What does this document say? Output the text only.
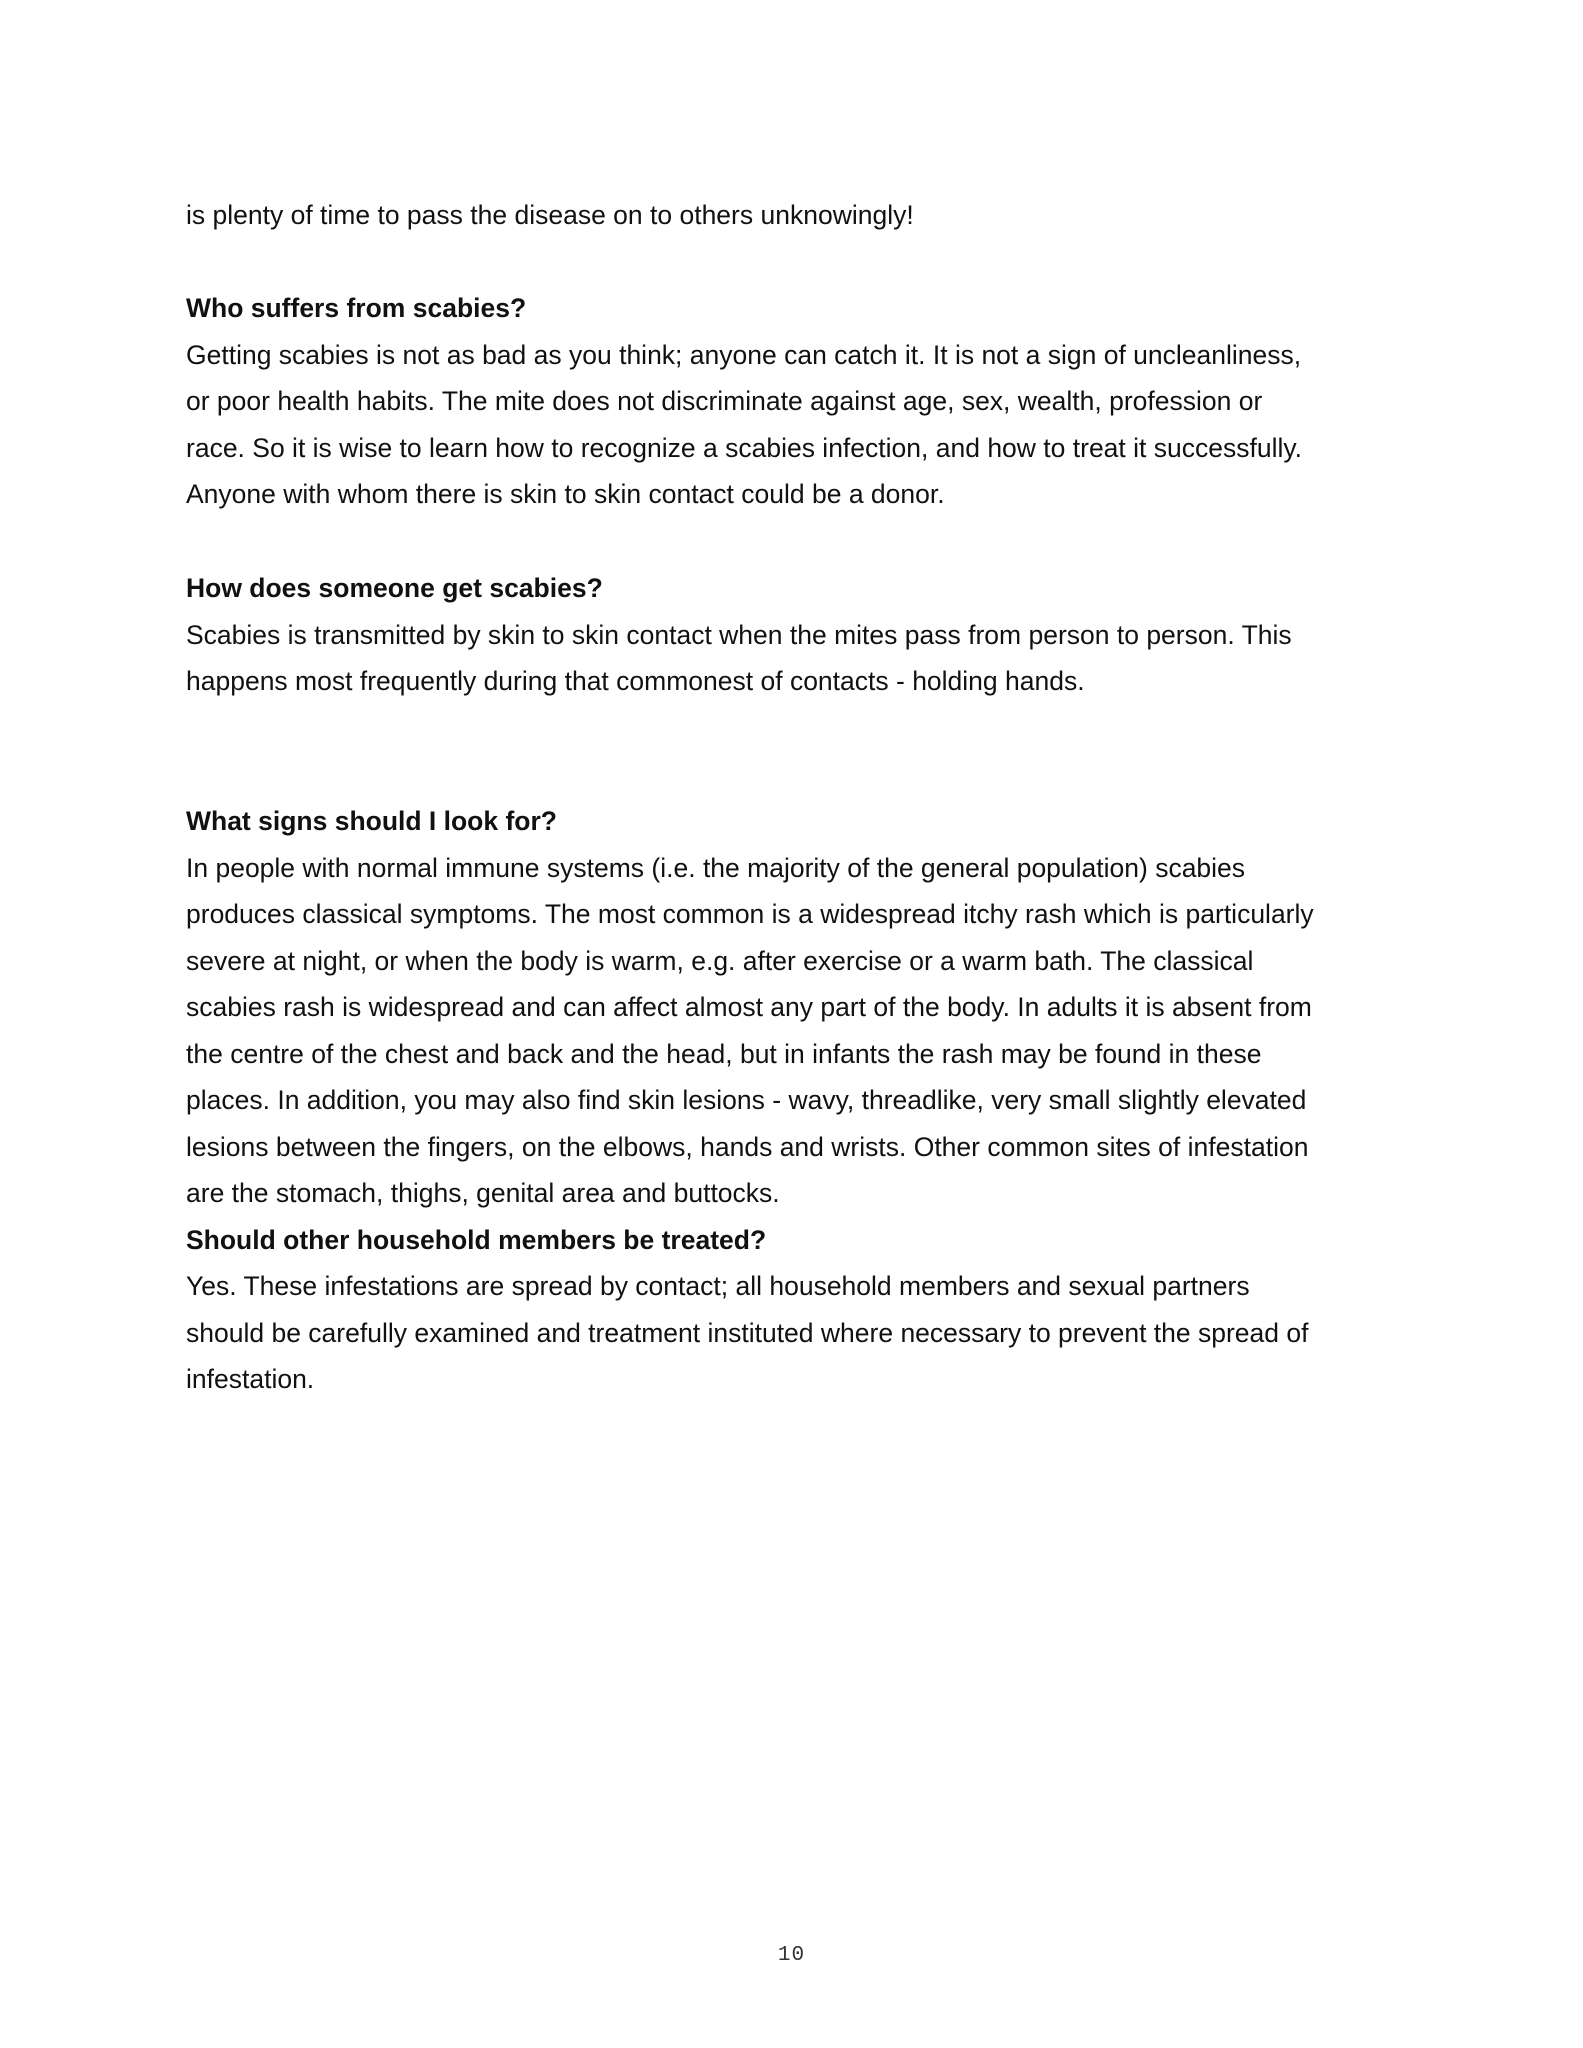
is plenty of time to pass the disease on to others unknowingly!
Who suffers from scabies?
Getting scabies is not as bad as you think; anyone can catch it. It is not a sign of uncleanliness,
or poor health habits. The mite does not discriminate against age, sex, wealth, profession or
race. So it is wise to learn how to recognize a scabies infection, and how to treat it successfully.
Anyone with whom there is skin to skin contact could be a donor.
How does someone get scabies?
Scabies is transmitted by skin to skin contact when the mites pass from person to person. This
happens most frequently during that commonest of contacts - holding hands.
What signs should I look for?
In people with normal immune systems (i.e. the majority of the general population) scabies
produces classical symptoms. The most common is a widespread itchy rash which is particularly
severe at night, or when the body is warm, e.g. after exercise or a warm bath. The classical
scabies rash is widespread and can affect almost any part of the body. In adults it is absent from
the centre of the chest and back and the head, but in infants the rash may be found in these
places. In addition, you may also find skin lesions - wavy, threadlike, very small slightly elevated
lesions between the fingers, on the elbows, hands and wrists. Other common sites of infestation
are the stomach, thighs, genital area and buttocks.
Should other household members be treated?
Yes. These infestations are spread by contact; all household members and sexual partners
should be carefully examined and treatment instituted where necessary to prevent the spread of
infestation.
10
